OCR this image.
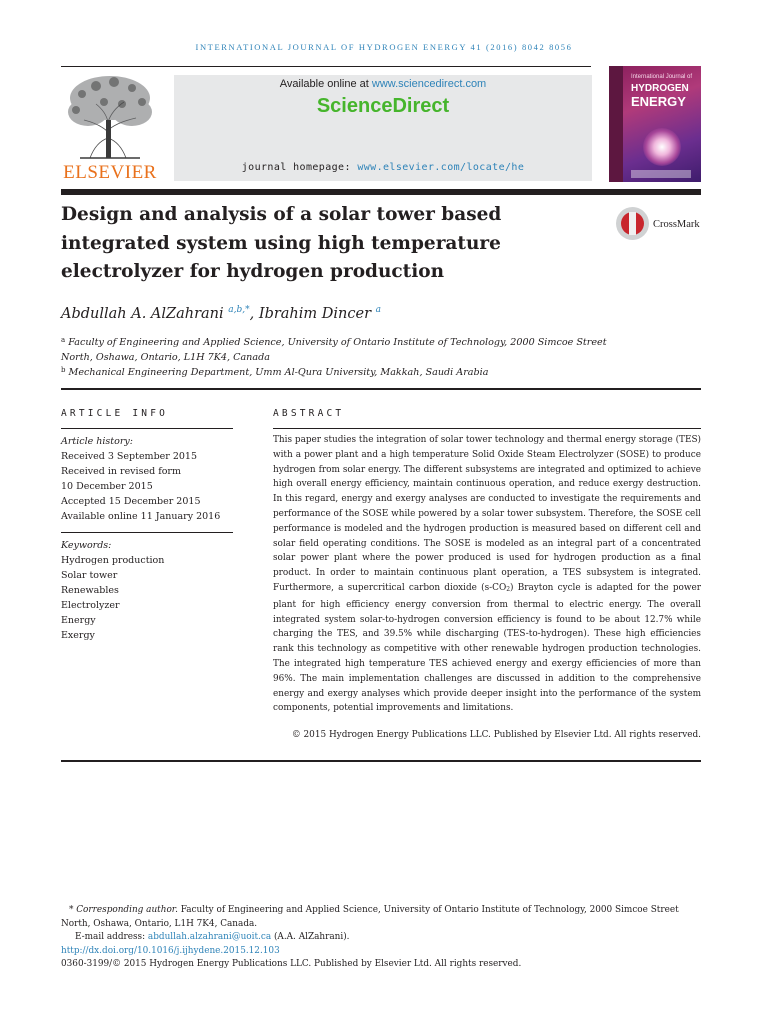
INTERNATIONAL JOURNAL OF HYDROGEN ENERGY 41 (2016) 8042 8056
ELSEVIER
Available online at www.sciencedirect.com
ScienceDirect
journal homepage: www.elsevier.com/locate/he
International Journal of
HYDROGEN
ENERGY
Design and analysis of a solar tower based integrated system using high temperature electrolyzer for hydrogen production
CrossMark
Abdullah A. AlZahrani $^{a,b,*}$, Ibrahim Dincer $^a$
$^a$ Faculty of Engineering and Applied Science, University of Ontario Institute of Technology, 2000 Simcoe Street North, Oshawa, Ontario, L1H 7K4, Canada
$^b$ Mechanical Engineering Department, Umm Al-Qura University, Makkah, Saudi Arabia
ARTICLE INFO	ABSTRACT
Article history:
Received 3 September 2015
Received in revised form
10 December 2015
Accepted 15 December 2015
Available online 11 January 2016
Keywords:
Hydrogen production
Solar tower
Renewables
Electrolyzer
Energy
Exergy

This paper studies the integration of solar tower technology and thermal energy storage (TES) with a power plant and a high temperature Solid Oxide Steam Electrolyzer (SOSE) to produce hydrogen from solar energy. The different subsystems are integrated and optimized to achieve high overall energy efficiency, maintain continuous operation, and reduce exergy destruction. In this regard, energy and exergy analyses are conducted to investigate the requirements and performance of the SOSE while powered by a solar tower subsystem. Therefore, the SOSE cell performance is modeled and the hydrogen production is measured based on different cell and solar field operating conditions. The SOSE is modeled as an integral part of a concentrated solar power plant where the power produced is used for hydrogen production as a final product. In order to maintain continuous plant operation, a TES subsystem is integrated. Furthermore, a supercritical carbon dioxide $(s-CO_2)$ Brayton cycle is adapted for the power plant for high efficiency energy conversion from thermal to electric energy. The overall integrated system solar-to-hydrogen conversion efficiency is found to be about 12.7% while charging the TES, and 39.5% while discharging (TES-to-hydrogen). These high efficiencies rank this technology as competitive with other renewable hydrogen production technologies. The integrated high temperature TES achieved energy and exergy efficiencies of more than 96%. The main implementation challenges are discussed in addition to the comprehensive energy and exergy analyses which provide deeper insight into the performance of the system components, potential improvements and limitations.

© 2015 Hydrogen Energy Publications LLC. Published by Elsevier Ltd. All rights reserved.
* Corresponding author. Faculty of Engineering and Applied Science, University of Ontario Institute of Technology, 2000 Simcoe Street North, Oshawa, Ontario, L1H 7K4, Canada.
E-mail address: abdullah.alzahrani@uoit.ca (A.A. AlZahrani).
http://dx.doi.org/10.1016/j.ijhydene.2015.12.103
0360-3199/© 2015 Hydrogen Energy Publications LLC. Published by Elsevier Ltd. All rights reserved.
